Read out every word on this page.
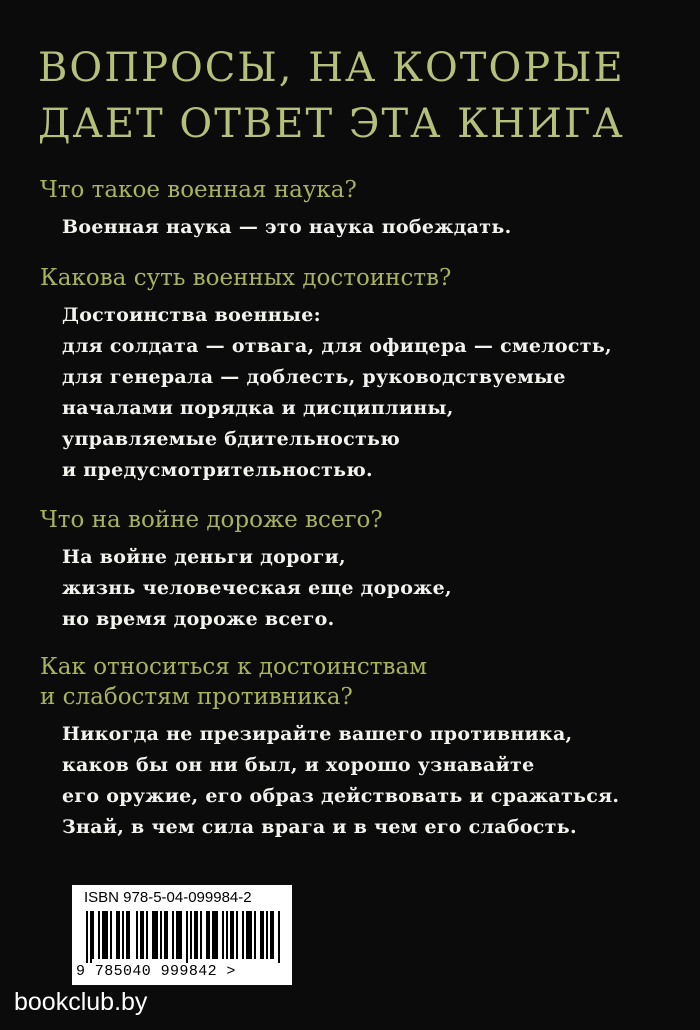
ВОПРОСЫ, НА КОТОРЫЕ
ДАЕТ ОТВЕТ ЭТА КНИГА
Что такое военная наука?
Военная наука — это наука побеждать.
Какова суть военных достоинств?
Достоинства военные:
для солдата — отвага, для офицера — смелость,
для генерала — доблесть, руководствуемые
началами порядка и дисциплины,
управляемые бдительностью
и предусмотрительностью.
Что на войне дороже всего?
На войне деньги дороги,
жизнь человеческая еще дороже,
но время дороже всего.
Как относиться к достоинствам
и слабостям противника?
Никогда не презирайте вашего противника,
каков бы он ни был, и хорошо узнавайте
его оружие, его образ действовать и сражаться.
Знай, в чем сила врага и в чем его слабость.
ISBN 978-5-04-099984-2
9 785040 999842 >
bookclub.by
